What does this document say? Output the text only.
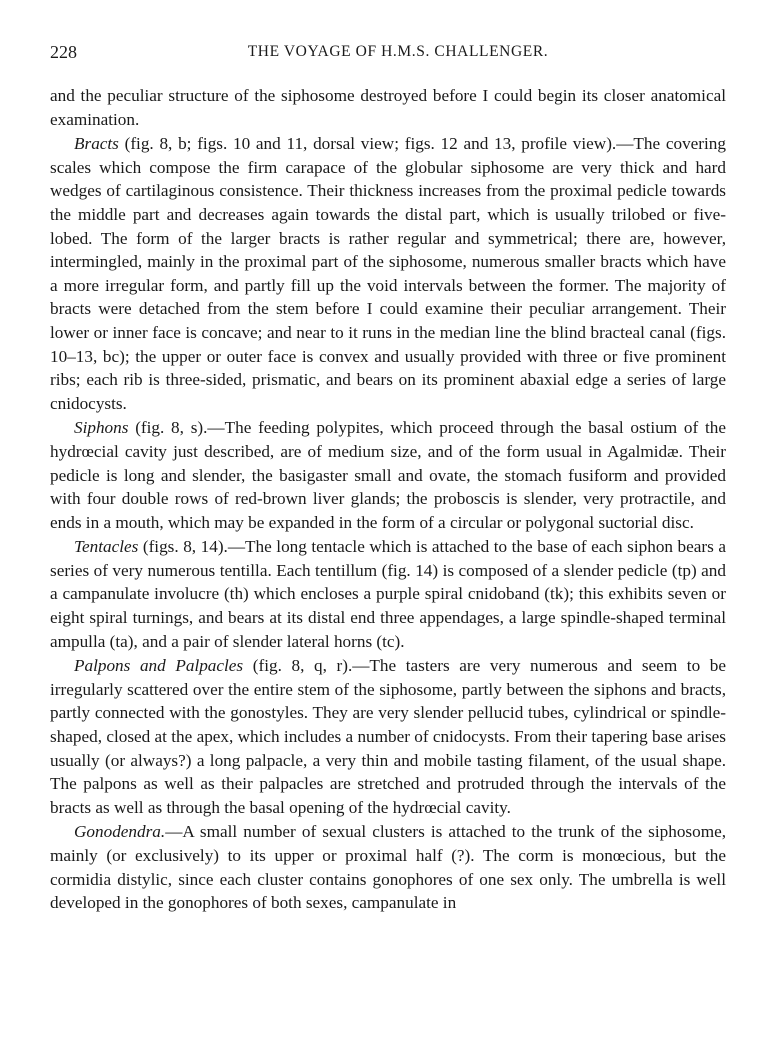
228	THE VOYAGE OF H.M.S. CHALLENGER.

and the peculiar structure of the siphosome destroyed before I could begin its closer anatomical examination.

Bracts (fig. 8, b; figs. 10 and 11, dorsal view; figs. 12 and 13, profile view).—The covering scales which compose the firm carapace of the globular siphosome are very thick and hard wedges of cartilaginous consistence. Their thickness increases from the proximal pedicle towards the middle part and decreases again towards the distal part, which is usually trilobed or five-lobed. The form of the larger bracts is rather regular and symmetrical; there are, however, intermingled, mainly in the proximal part of the siphosome, numerous smaller bracts which have a more irregular form, and partly fill up the void intervals between the former. The majority of bracts were detached from the stem before I could examine their peculiar arrangement. Their lower or inner face is concave; and near to it runs in the median line the blind bracteal canal (figs. 10–13, bc); the upper or outer face is convex and usually provided with three or five prominent ribs; each rib is three-sided, prismatic, and bears on its prominent abaxial edge a series of large cnidocysts.

Siphons (fig. 8, s).—The feeding polypites, which proceed through the basal ostium of the hydrœcial cavity just described, are of medium size, and of the form usual in Agalmidæ. Their pedicle is long and slender, the basigaster small and ovate, the stomach fusiform and provided with four double rows of red-brown liver glands; the proboscis is slender, very protractile, and ends in a mouth, which may be expanded in the form of a circular or polygonal suctorial disc.

Tentacles (figs. 8, 14).—The long tentacle which is attached to the base of each siphon bears a series of very numerous tentilla. Each tentillum (fig. 14) is composed of a slender pedicle (tp) and a campanulate involucre (th) which encloses a purple spiral cnidoband (tk); this exhibits seven or eight spiral turnings, and bears at its distal end three appendages, a large spindle-shaped terminal ampulla (ta), and a pair of slender lateral horns (tc).

Palpons and Palpacles (fig. 8, q, r).—The tasters are very numerous and seem to be irregularly scattered over the entire stem of the siphosome, partly between the siphons and bracts, partly connected with the gonostyles. They are very slender pellucid tubes, cylindrical or spindle-shaped, closed at the apex, which includes a number of cnidocysts. From their tapering base arises usually (or always?) a long palpacle, a very thin and mobile tasting filament, of the usual shape. The palpons as well as their palpacles are stretched and protruded through the intervals of the bracts as well as through the basal opening of the hydrœcial cavity.

Gonodendra.—A small number of sexual clusters is attached to the trunk of the siphosome, mainly (or exclusively) to its upper or proximal half (?). The corm is monœcious, but the cormidia distylic, since each cluster contains gonophores of one sex only. The umbrella is well developed in the gonophores of both sexes, campanulate in
